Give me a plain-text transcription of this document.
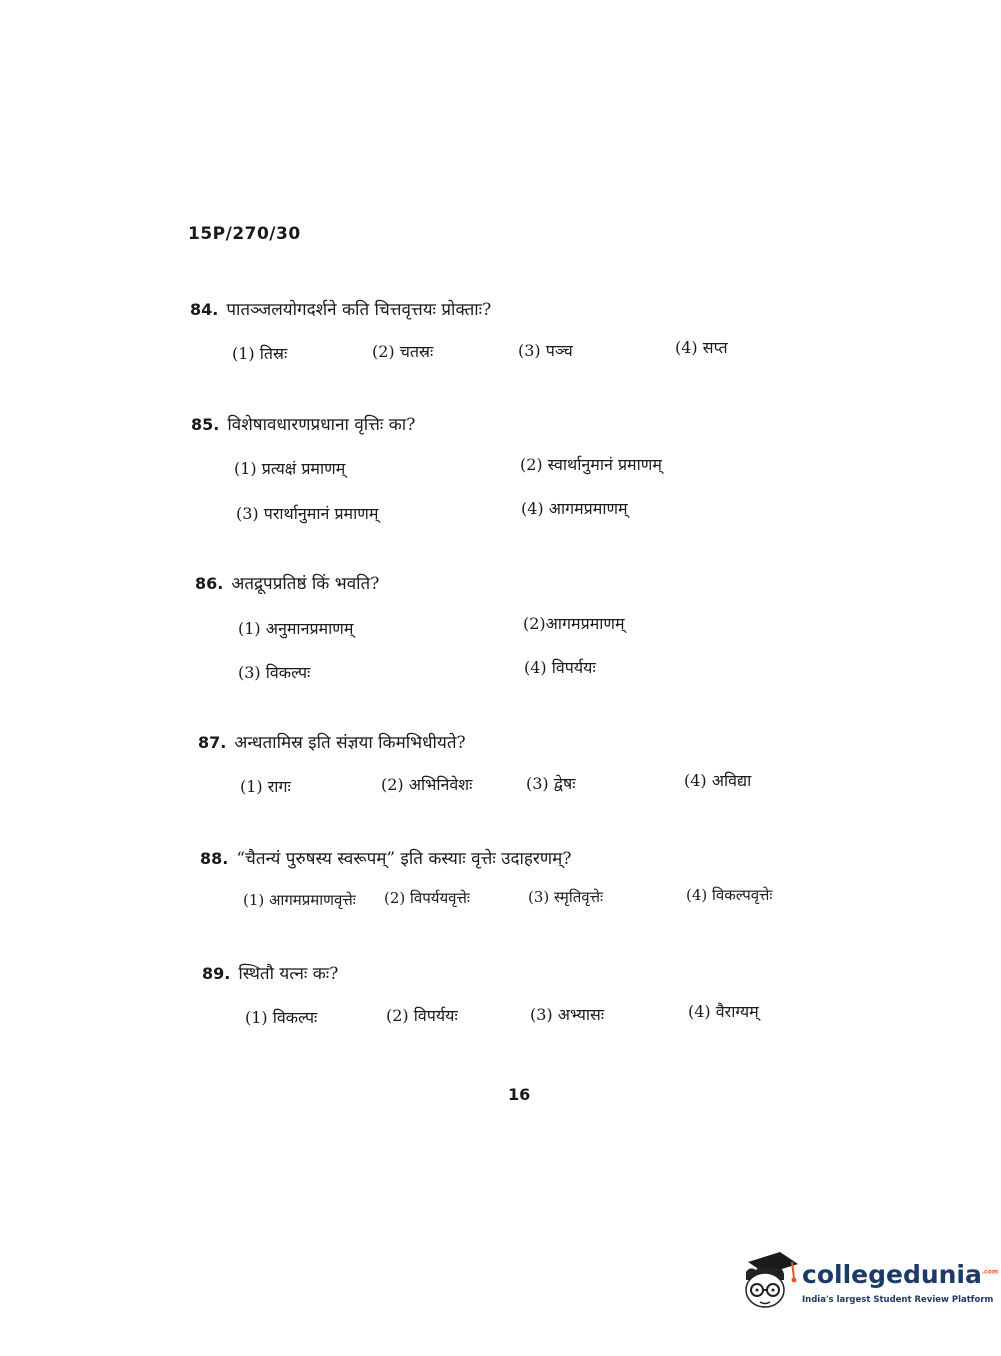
15P/270/30
84. पातञ्जलयोगदर्शने कति चित्तवृत्तयः प्रोक्ताः?
(1) तिस्रः	(2) चतस्रः	(3) पञ्च	(4) सप्त
85. विशेषावधारणप्रधाना वृत्तिः का?
(1) प्रत्यक्षं प्रमाणम्	(2) स्वार्थानुमानं प्रमाणम्
(3) परार्थानुमानं प्रमाणम्	(4) आगमप्रमाणम्
86. अतद्रूपप्रतिष्ठं किं भवति?
(1) अनुमानप्रमाणम्	(2)आगमप्रमाणम्
(3) विकल्पः	(4) विपर्ययः
87. अन्धतामिस्र इति संज्ञया किमभिधीयते?
(1) रागः	(2) अभिनिवेशः	(3) द्वेषः	(4) अविद्या
88. “चैतन्यं पुरुषस्य स्वरूपम्” इति कस्याः वृत्तेः उदाहरणम्?
(1) आगमप्रमाणवृत्तेः (2) विपर्ययवृत्तेः	(3) स्मृतिवृत्तेः	(4) विकल्पवृत्तेः
89. स्थितौ यत्नः कः?
(1) विकल्पः	(2) विपर्ययः	(3) अभ्यासः	(4) वैराग्यम्
16
collegedunia$^{.com}$
India's largest Student Review Platform
